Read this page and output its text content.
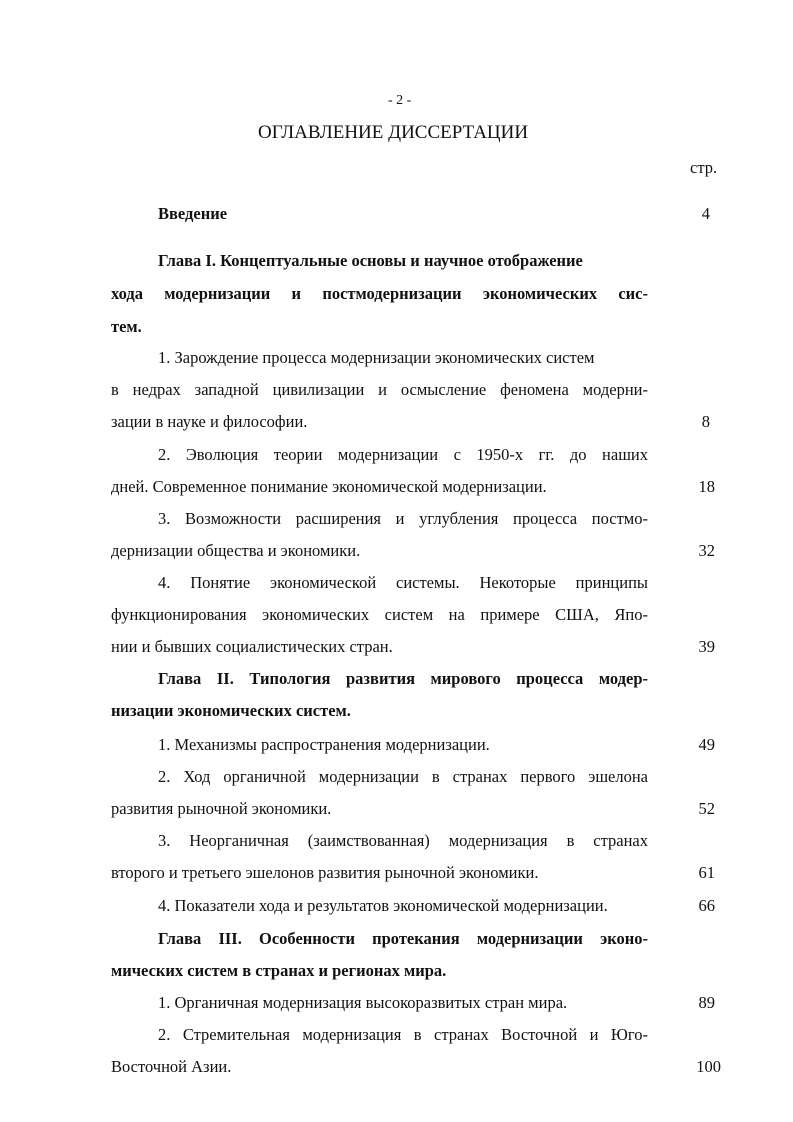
- 2 -
ОГЛАВЛЕНИЕ ДИССЕРТАЦИИ
стр.
Введение	4
Глава I. Концептуальные основы и научное отображение
хода модернизации и постмодернизации экономических сис-
тем.
1. Зарождение процесса модернизации экономических систем
в недрах западной цивилизации и осмысление феномена модерни-
зации в науке и философии.	8
2. Эволюция теории модернизации с 1950-х гг. до наших
дней. Современное понимание экономической модернизации.	18
3. Возможности расширения и углубления процесса постмо-
дернизации общества и экономики.	32
4. Понятие экономической системы. Некоторые принципы
функционирования экономических систем на примере США, Япо-
нии и бывших социалистических стран.	39
Глава II. Типология развития мирового процесса модер-
низации экономических систем.
1. Механизмы распространения модернизации.	49
2. Ход органичной модернизации в странах первого эшелона
развития рыночной экономики.	52
3. Неорганичная (заимствованная) модернизация в странах
второго и третьего эшелонов развития рыночной экономики.	61
4. Показатели хода и результатов экономической модернизации.	66
Глава III. Особенности протекания модернизации эконо-
мических систем в странах и регионах мира.
1. Органичная модернизация высокоразвитых стран мира.	89
2. Стремительная модернизация в странах Восточной и Юго-
Восточной Азии.	100
